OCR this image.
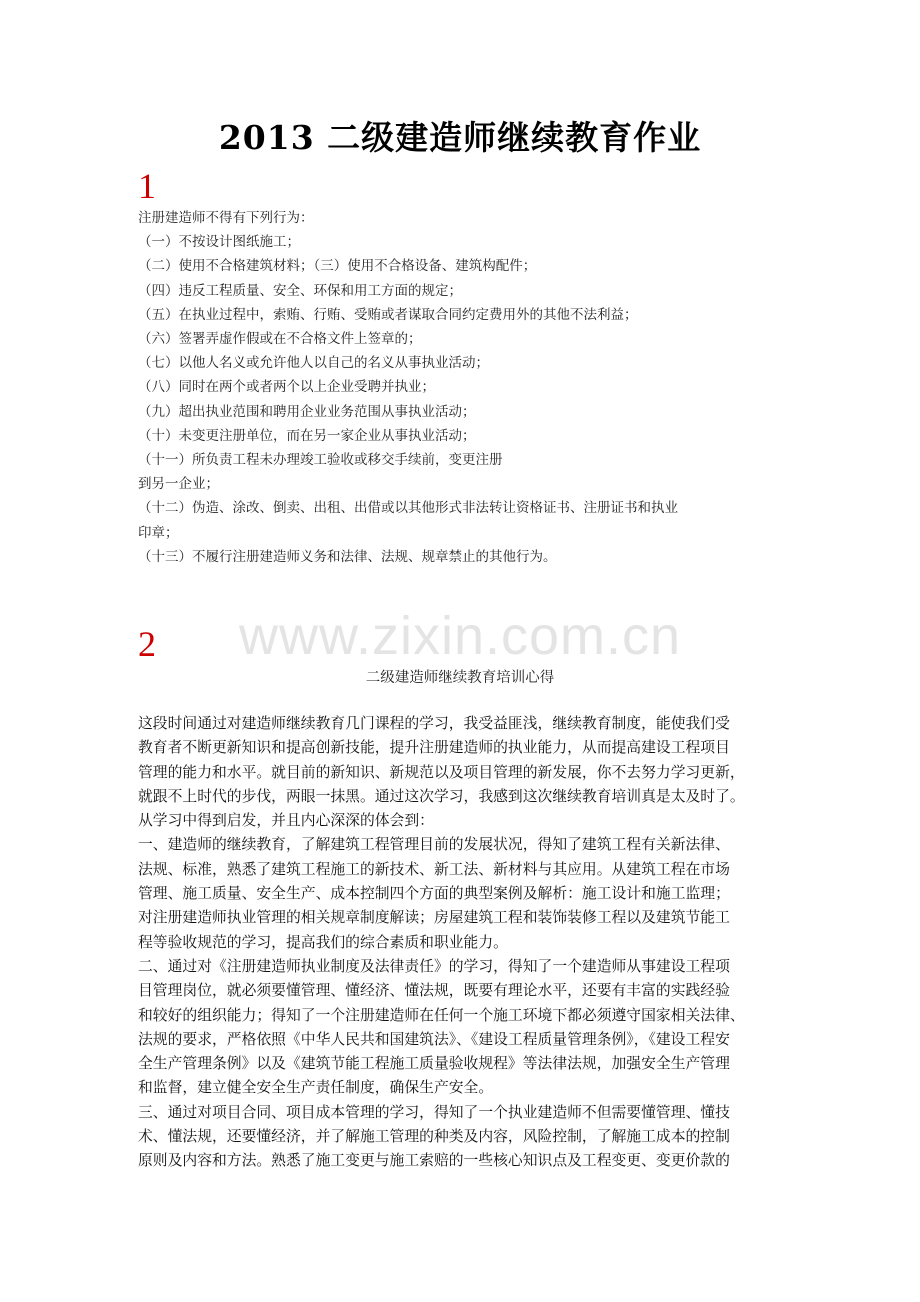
www.zixin.com.cn
2013 二级建造师继续教育作业
1
注册建造师不得有下列行为：
（一）不按设计图纸施工；
（二）使用不合格建筑材料；（三）使用不合格设备、建筑构配件；
（四）违反工程质量、安全、环保和用工方面的规定；
（五）在执业过程中，索贿、行贿、受贿或者谋取合同约定费用外的其他不法利益；
（六）签署弄虚作假或在不合格文件上签章的；
（七）以他人名义或允许他人以自己的名义从事执业活动；
（八）同时在两个或者两个以上企业受聘并执业；
（九）超出执业范围和聘用企业业务范围从事执业活动；
（十）未变更注册单位，而在另一家企业从事执业活动；
（十一）所负责工程未办理竣工验收或移交手续前，变更注册
到另一企业；
（十二）伪造、涂改、倒卖、出租、出借或以其他形式非法转让资格证书、注册证书和执业
印章；
（十三）不履行注册建造师义务和法律、法规、规章禁止的其他行为。
2
二级建造师继续教育培训心得
这段时间通过对建造师继续教育几门课程的学习，我受益匪浅，继续教育制度，能使我们受
教育者不断更新知识和提高创新技能，提升注册建造师的执业能力，从而提高建设工程项目
管理的能力和水平。就目前的新知识、新规范以及项目管理的新发展，你不去努力学习更新，
就跟不上时代的步伐，两眼一抹黑。通过这次学习，我感到这次继续教育培训真是太及时了。
从学习中得到启发，并且内心深深的体会到：
一、建造师的继续教育，了解建筑工程管理目前的发展状况，得知了建筑工程有关新法律、
法规、标准，熟悉了建筑工程施工的新技术、新工法、新材料与其应用。从建筑工程在市场
管理、施工质量、安全生产、成本控制四个方面的典型案例及解析：施工设计和施工监理；
对注册建造师执业管理的相关规章制度解读；房屋建筑工程和装饰装修工程以及建筑节能工
程等验收规范的学习，提高我们的综合素质和职业能力。
二、通过对《注册建造师执业制度及法律责任》的学习，得知了一个建造师从事建设工程项
目管理岗位，就必须要懂管理、懂经济、懂法规，既要有理论水平，还要有丰富的实践经验
和较好的组织能力；得知了一个注册建造师在任何一个施工环境下都必须遵守国家相关法律、
法规的要求，严格依照《中华人民共和国建筑法》、《建设工程质量管理条例》，《建设工程安
全生产管理条例》以及《建筑节能工程施工质量验收规程》等法律法规，加强安全生产管理
和监督，建立健全安全生产责任制度，确保生产安全。
三、通过对项目合同、项目成本管理的学习，得知了一个执业建造师不但需要懂管理、懂技
术、懂法规，还要懂经济，并了解施工管理的种类及内容，风险控制，了解施工成本的控制
原则及内容和方法。熟悉了施工变更与施工索赔的一些核心知识点及工程变更、变更价款的
